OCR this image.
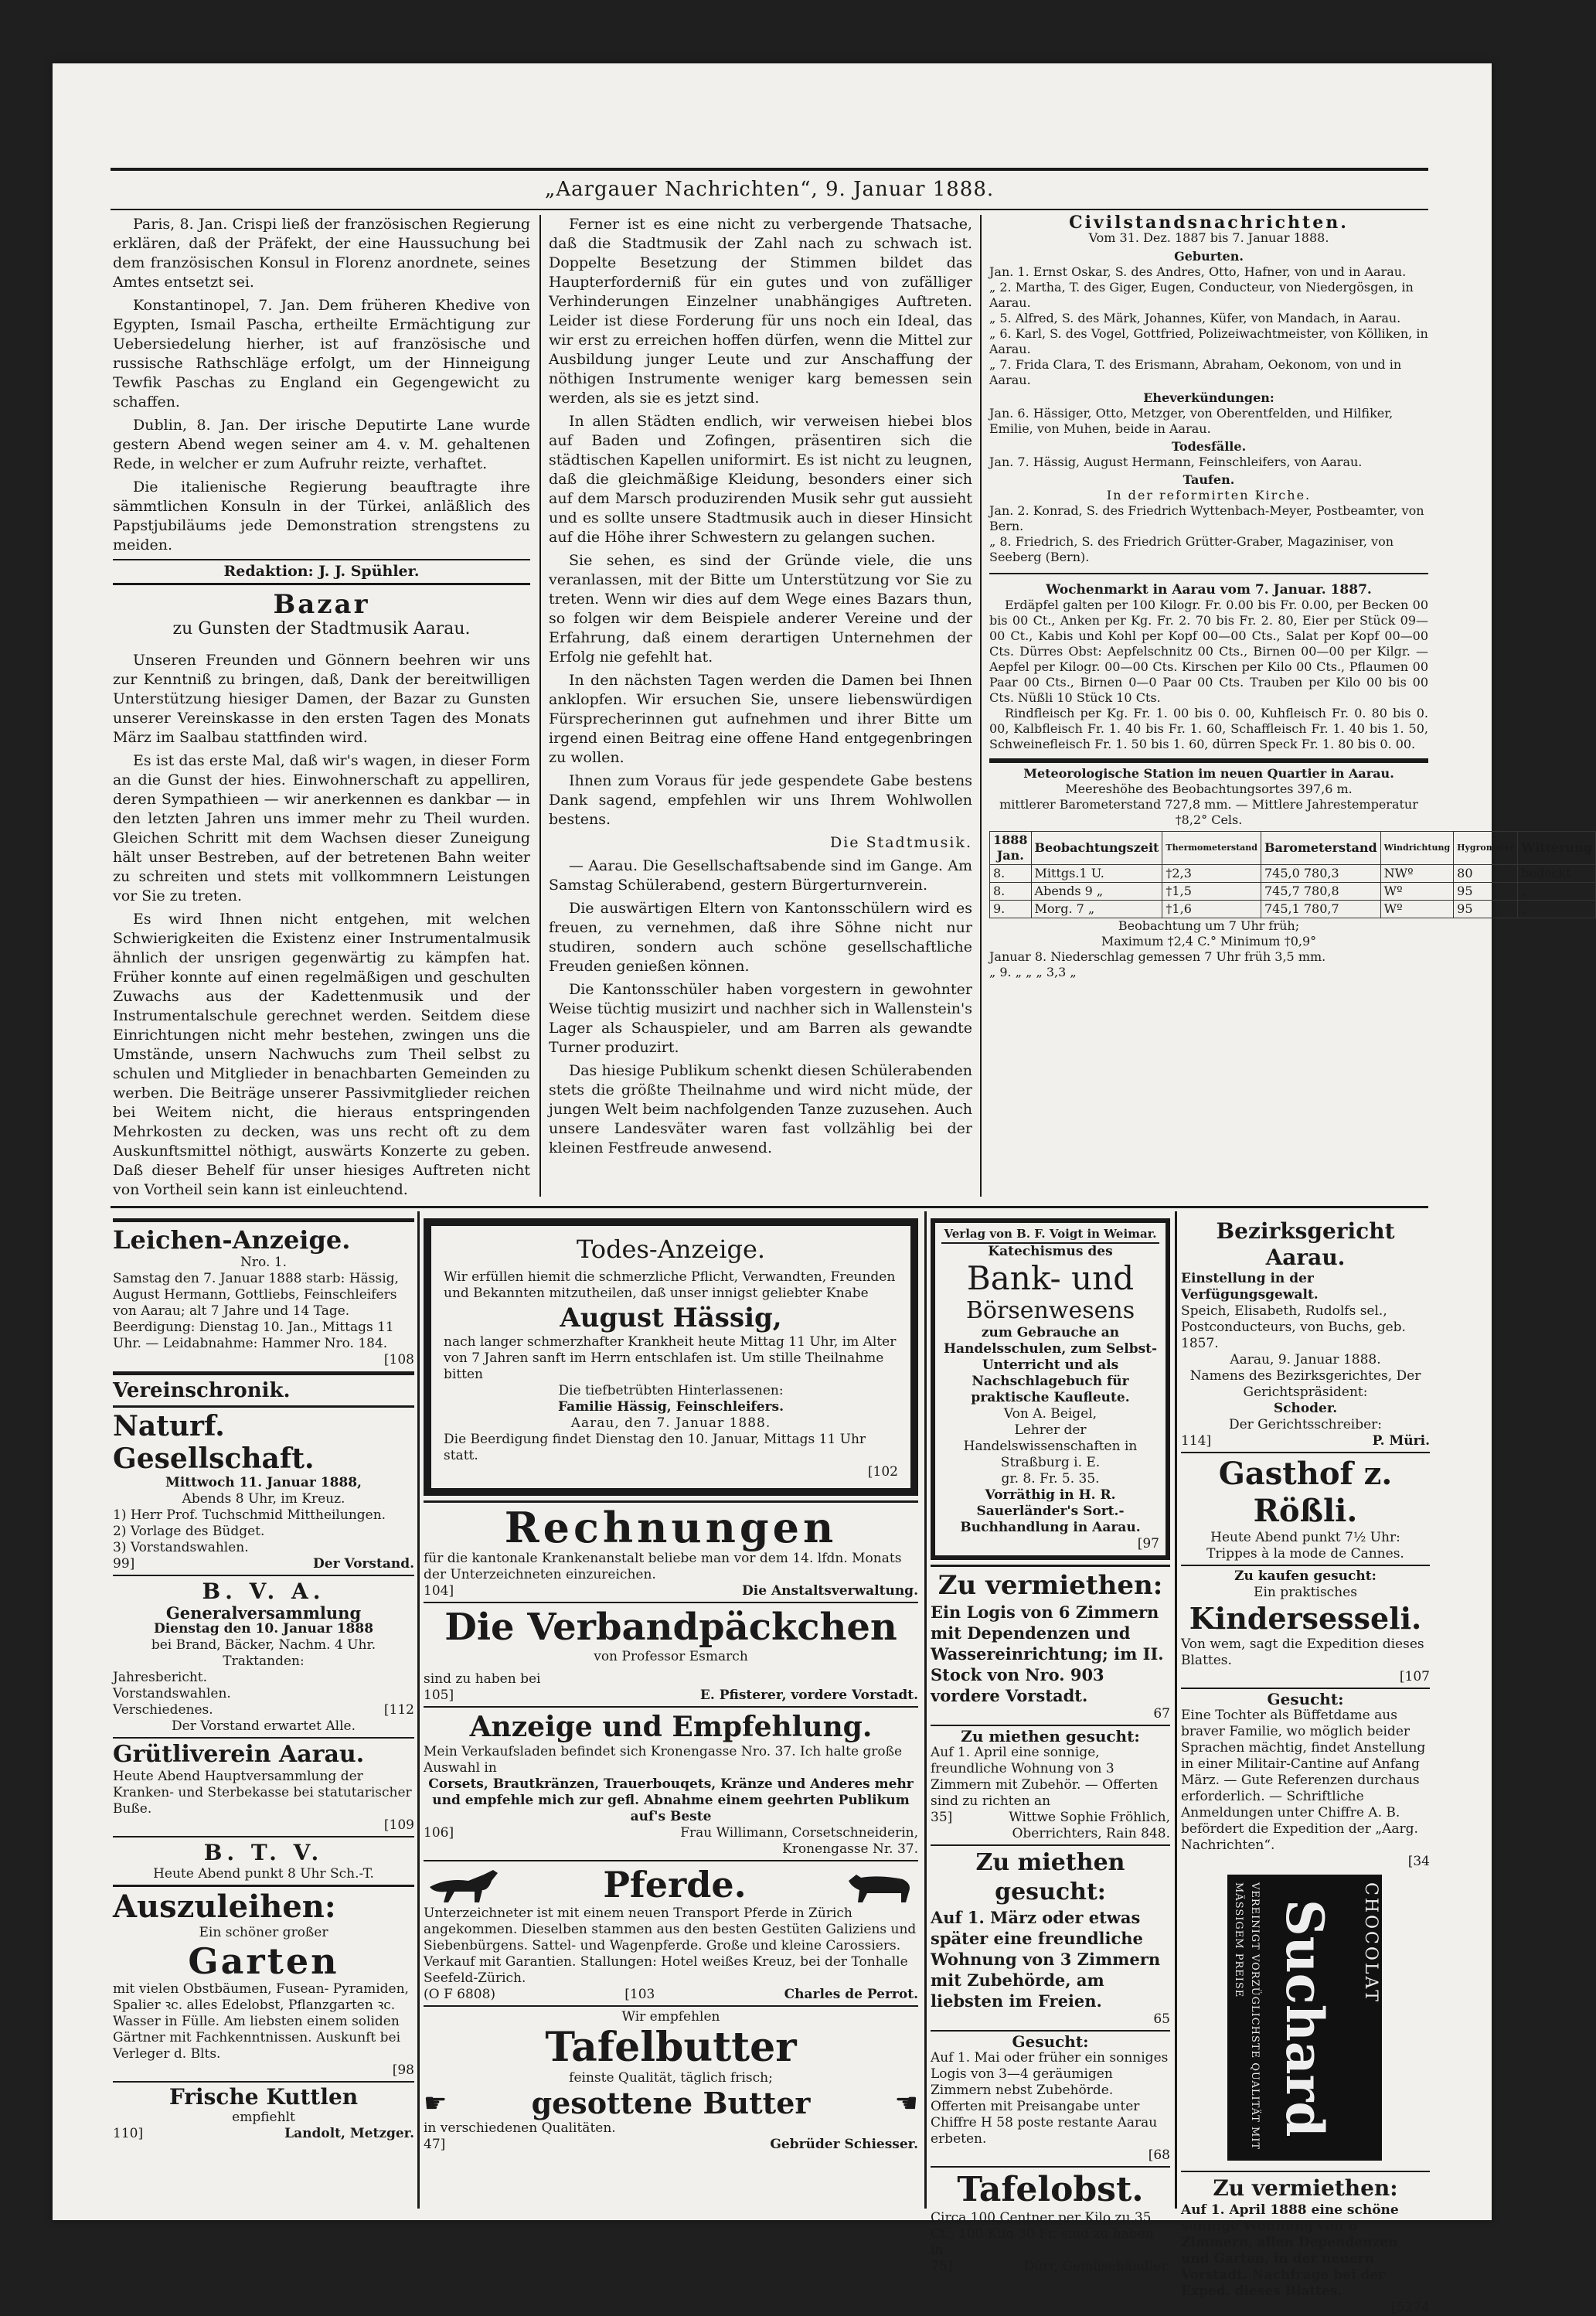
„Aargauer Nachrichten“, 9. Januar 1888.

Paris, 8. Jan. Crispi ließ der französischen Regierung erklären, daß der Präfekt, der eine Haussuchung bei dem französischen Konsul in Florenz anordnete, seines Amtes entsetzt sei.

Konstantinopel, 7. Jan. Dem früheren Khedive von Egypten, Ismail Pascha, ertheilte Ermächtigung zur Uebersiedelung hierher, ist auf französische und russische Rathschläge erfolgt, um der Hinneigung Tewfik Paschas zu England ein Gegengewicht zu schaffen.

Dublin, 8. Jan. Der irische Deputirte Lane wurde gestern Abend wegen seiner am 4. v. M. gehaltenen Rede, in welcher er zum Aufruhr reizte, verhaftet.

Die italienische Regierung beauftragte ihre sämmtlichen Konsuln in der Türkei, anläßlich des Papstjubiläums jede Demonstration strengstens zu meiden.

Redaktion: J. J. Spühler.
Bazar
zu Gunsten der Stadtmusik Aarau.

Unseren Freunden und Gönnern beehren wir uns zur Kenntniß zu bringen, daß, Dank der bereitwilligen Unterstützung hiesiger Damen, der Bazar zu Gunsten unserer Vereinskasse in den ersten Tagen des Monats März im Saalbau stattfinden wird.

Es ist das erste Mal, daß wir's wagen, in dieser Form an die Gunst der hies. Einwohnerschaft zu appelliren, deren Sympathieen — wir anerkennen es dankbar — in den letzten Jahren uns immer mehr zu Theil wurden. Gleichen Schritt mit dem Wachsen dieser Zuneigung hält unser Bestreben, auf der betretenen Bahn weiter zu schreiten und stets mit vollkommnern Leistungen vor Sie zu treten.

Es wird Ihnen nicht entgehen, mit welchen Schwierigkeiten die Existenz einer Instrumentalmusik ähnlich der unsrigen gegenwärtig zu kämpfen hat. Früher konnte auf einen regelmäßigen und geschulten Zuwachs aus der Kadettenmusik und der Instrumentalschule gerechnet werden. Seitdem diese Einrichtungen nicht mehr bestehen, zwingen uns die Umstände, unsern Nachwuchs zum Theil selbst zu schulen und Mitglieder in benachbarten Gemeinden zu werben. Die Beiträge unserer Passivmitglieder reichen bei Weitem nicht, die hieraus entspringenden Mehrkosten zu decken, was uns recht oft zu dem Auskunftsmittel nöthigt, auswärts Konzerte zu geben. Daß dieser Behelf für unser hiesiges Auftreten nicht von Vortheil sein kann ist einleuchtend.

Ferner ist es eine nicht zu verbergende Thatsache, daß die Stadtmusik der Zahl nach zu schwach ist. Doppelte Besetzung der Stimmen bildet das Haupterforderniß für ein gutes und von zufälliger Verhinderungen Einzelner unabhängiges Auftreten. Leider ist diese Forderung für uns noch ein Ideal, das wir erst zu erreichen hoffen dürfen, wenn die Mittel zur Ausbildung junger Leute und zur Anschaffung der nöthigen Instrumente weniger karg bemessen sein werden, als sie es jetzt sind.

In allen Städten endlich, wir verweisen hiebei blos auf Baden und Zofingen, präsentiren sich die städtischen Kapellen uniformirt. Es ist nicht zu leugnen, daß die gleichmäßige Kleidung, besonders einer sich auf dem Marsch produzirenden Musik sehr gut aussieht und es sollte unsere Stadtmusik auch in dieser Hinsicht auf die Höhe ihrer Schwestern zu gelangen suchen.

Sie sehen, es sind der Gründe viele, die uns veranlassen, mit der Bitte um Unterstützung vor Sie zu treten. Wenn wir dies auf dem Wege eines Bazars thun, so folgen wir dem Beispiele anderer Vereine und der Erfahrung, daß einem derartigen Unternehmen der Erfolg nie gefehlt hat.

In den nächsten Tagen werden die Damen bei Ihnen anklopfen. Wir ersuchen Sie, unsere liebenswürdigen Fürsprecherinnen gut aufnehmen und ihrer Bitte um irgend einen Beitrag eine offene Hand entgegenbringen zu wollen.

Ihnen zum Voraus für jede gespendete Gabe bestens Dank sagend, empfehlen wir uns Ihrem Wohlwollen bestens.

Die Stadtmusik.

— Aarau. Die Gesellschaftsabende sind im Gange. Am Samstag Schülerabend, gestern Bürgerturnverein.

Die auswärtigen Eltern von Kantonsschülern wird es freuen, zu vernehmen, daß ihre Söhne nicht nur studiren, sondern auch schöne gesellschaftliche Freuden genießen können.

Die Kantonsschüler haben vorgestern in gewohnter Weise tüchtig musizirt und nachher sich in Wallenstein's Lager als Schauspieler, und am Barren als gewandte Turner produzirt.

Das hiesige Publikum schenkt diesen Schülerabenden stets die größte Theilnahme und wird nicht müde, der jungen Welt beim nachfolgenden Tanze zuzusehen. Auch unsere Landesväter waren fast vollzählig bei der kleinen Festfreude anwesend.

Civilstandsnachrichten.
Vom 31. Dez. 1887 bis 7. Januar 1888.
Geburten.
Jan. 1. Ernst Oskar, S. des Andres, Otto, Hafner, von und in Aarau.
„ 2. Martha, T. des Giger, Eugen, Conducteur, von Niedergösgen, in Aarau.
„ 5. Alfred, S. des Märk, Johannes, Küfer, von Mandach, in Aarau.
„ 6. Karl, S. des Vogel, Gottfried, Polizeiwachtmeister, von Kölliken, in Aarau.
„ 7. Frida Clara, T. des Erismann, Abraham, Oekonom, von und in Aarau.
Eheverkündungen:
Jan. 6. Hässiger, Otto, Metzger, von Oberentfelden, und Hilfiker, Emilie, von Muhen, beide in Aarau.
Todesfälle.
Jan. 7. Hässig, August Hermann, Feinschleifers, von Aarau.
Taufen.
In der reformirten Kirche.
Jan. 2. Konrad, S. des Friedrich Wyttenbach-Meyer, Postbeamter, von Bern.
„ 8. Friedrich, S. des Friedrich Grütter-Graber, Magaziniser, von Seeberg (Bern).
Wochenmarkt in Aarau vom 7. Januar. 1887.
Erdäpfel galten per 100 Kilogr. Fr. 0.00 bis Fr. 0.00, per Becken 00 bis 00 Ct., Anken per Kg. Fr. 2. 70 bis Fr. 2. 80, Eier per Stück 09—00 Ct., Kabis und Kohl per Kopf 00—00 Cts., Salat per Kopf 00—00 Cts. Dürres Obst: Aepfelschnitz 00 Cts., Birnen 00—00 per Kilgr. — Aepfel per Kilogr. 00—00 Cts. Kirschen per Kilo 00 Cts., Pflaumen 00 Paar 00 Cts., Birnen 0—0 Paar 00 Cts. Trauben per Kilo 00 bis 00 Cts. Nüßli 10 Stück 10 Cts.
Rindfleisch per Kg. Fr. 1. 00 bis 0. 00, Kuhfleisch Fr. 0. 80 bis 0. 00, Kalbfleisch Fr. 1. 40 bis Fr. 1. 60, Schaffleisch Fr. 1. 40 bis 1. 50, Schweinefleisch Fr. 1. 50 bis 1. 60, dürren Speck Fr. 1. 80 bis 0. 00.
Meteorologische Station im neuen Quartier in Aarau.
Meereshöhe des Beobachtungsortes 397,6 m.
mittlerer Barometerstand 727,8 mm. — Mittlere Jahrestemperatur †8,2° Cels.
1888 Jan.	Beobachtungszeit	Thermometerstand	Barometerstand	Windrichtung	Hygrometer	Witterung
8.	Mittgs.1 U.	†2,3	745,0 780,3	NWº	80	bedeckt
8.	Abends 9 „	†1,5	745,7 780,8	Wº	95	„
9.	Morg. 7 „	†1,6	745,1 780,7	Wº	95	„
Beobachtung um 7 Uhr früh;
Maximum †2,4 C.° Minimum †0,9°
Januar 8. Niederschlag gemessen 7 Uhr früh 3,5 mm.
„ 9. „ „ „ 3,3 „
Leichen-Anzeige.
Nro. 1.
Samstag den 7. Januar 1888 starb: Hässig, August Hermann, Gottliebs, Feinschleifers von Aarau; alt 7 Jahre und 14 Tage. Beerdigung: Dienstag 10. Jan., Mittags 11 Uhr. — Leidabnahme: Hammer Nro. 184.
[108
Vereinschronik.
Naturf. Gesellschaft.
Mittwoch 11. Januar 1888,
Abends 8 Uhr, im Kreuz.
1) Herr Prof. Tuchschmid Mittheilungen.
2) Vorlage des Büdget.
3) Vorstandswahlen.
99]	Der Vorstand.
B. V. A.
Generalversammlung
Dienstag den 10. Januar 1888
bei Brand, Bäcker, Nachm. 4 Uhr.
Traktanden:
Jahresbericht.
Vorstandswahlen.
Verschiedenes.	[112
Der Vorstand erwartet Alle.
Grütliverein Aarau.
Heute Abend Hauptversammlung der Kranken- und Sterbekasse bei statutarischer Buße.
[109
B. T. V.
Heute Abend punkt 8 Uhr Sch.-T.
Auszuleihen:
Ein schöner großer
Garten
mit vielen Obstbäumen, Fusean- Pyramiden, Spalier ꝛc. alles Edelobst, Pflanzgarten ꝛc. Wasser in Fülle. Am liebsten einem soliden Gärtner mit Fachkenntnissen. Auskunft bei Verleger d. Blts.
[98
Frische Kuttlen
empfiehlt
110]	Landolt, Metzger.
Todes-Anzeige.
Wir erfüllen hiemit die schmerzliche Pflicht, Verwandten, Freunden und Bekannten mitzutheilen, daß unser innigst geliebter Knabe
August Hässig,
nach langer schmerzhafter Krankheit heute Mittag 11 Uhr, im Alter von 7 Jahren sanft im Herrn entschlafen ist. Um stille Theilnahme bitten
Die tiefbetrübten Hinterlassenen:
Familie Hässig, Feinschleifers.
Aarau, den 7. Januar 1888.
Die Beerdigung findet Dienstag den 10. Januar, Mittags 11 Uhr statt.
[102
Rechnungen
für die kantonale Krankenanstalt beliebe man vor dem 14. lfdn. Monats der Unterzeichneten einzureichen.
104]	Die Anstaltsverwaltung.
Die Verbandpäckchen
von Professor Esmarch
sind zu haben bei
105]	E. Pfisterer, vordere Vorstadt.
Anzeige und Empfehlung.
Mein Verkaufsladen befindet sich Kronengasse Nro. 37. Ich halte große Auswahl in
Corsets, Brautkränzen, Trauerbouqets, Kränze und Anderes mehr und empfehle mich zur gefl. Abnahme einem geehrten Publikum auf's Beste
106]	Frau Willimann, Corsetschneiderin,
Kronengasse Nr. 37.
Pferde.
Unterzeichneter ist mit einem neuen Transport Pferde in Zürich angekommen. Dieselben stammen aus den besten Gestüten Galiziens und Siebenbürgens. Sattel- und Wagenpferde. Große und kleine Carossiers. Verkauf mit Garantien. Stallungen: Hotel weißes Kreuz, bei der Tonhalle Seefeld-Zürich.
(O F 6808)	[103	Charles de Perrot.
Wir empfehlen
Tafelbutter
feinste Qualität, täglich frisch;
☛	gesottene Butter	☚
in verschiedenen Qualitäten.
47]	Gebrüder Schiesser.
Verlag von B. F. Voigt in Weimar.
Katechismus des
Bank- und
Börsenwesens
zum Gebrauche an Handelsschulen, zum Selbst-Unterricht und als Nachschlagebuch für praktische Kaufleute.
Von A. Beigel,
Lehrer der Handelswissenschaften in Straßburg i. E.
gr. 8. Fr. 5. 35.
Vorräthig in H. R. Sauerländer's Sort.-Buchhandlung in Aarau.
[97
Zu vermiethen:
Ein Logis von 6 Zimmern mit Dependenzen und Wassereinrichtung; im II. Stock von Nro. 903 vordere Vorstadt.
67
Zu miethen gesucht:
Auf 1. April eine sonnige, freundliche Wohnung von 3 Zimmern mit Zubehör. — Offerten sind zu richten an
35]	Wittwe Sophie Fröhlich, Oberrichters, Rain 848.
Zu miethen gesucht:
Auf 1. März oder etwas später eine freundliche Wohnung von 3 Zimmern mit Zubehörde, am liebsten im Freien.
65
Gesucht:
Auf 1. Mai oder früher ein sonniges Logis von 3—4 geräumigen Zimmern nebst Zubehörde. Offerten mit Preisangabe unter Chiffre H 58 poste restante Aarau erbeten.
[68
Tafelobst.
Circa 100 Centner per Kilo zu 35 Ct., 100 Kilo 30 Fr. sind zu haben in
75]	Dürr, Gemüsehändler.
Bezirksgericht Aarau.
Einstellung in der Verfügungsgewalt.
Speich, Elisabeth, Rudolfs sel., Postconducteurs, von Buchs, geb. 1857.
Aarau, 9. Januar 1888.
Namens des Bezirksgerichtes, Der Gerichtspräsident:
Schoder.
Der Gerichtsschreiber:
114]	P. Müri.
Gasthof z. Rößli.
Heute Abend punkt 7½ Uhr:
Trippes à la mode de Cannes.
Zu kaufen gesucht:
Ein praktisches
Kindersesseli.
Von wem, sagt die Expedition dieses Blattes.
[107
Gesucht:
Eine Tochter als Büffetdame aus braver Familie, wo möglich beider Sprachen mächtig, findet Anstellung in einer Militair-Cantine auf Anfang März. — Gute Referenzen durchaus erforderlich. — Schriftliche Anmeldungen unter Chiffre A. B. befördert die Expedition der „Aarg. Nachrichten“.
[34
VEREINIGT VORZÜGLICHSTE QUALITÄT MIT MÄSSIGEM PREISE Suchard	CHOCOLAT
Zu vermiethen:
Auf 1. April 1888 eine schöne sonnige Wohnung von 6 Zimmern, allen Dependenzen und Garten, in der neuern Vorstadt. Nachfrage bei der Exped. dieses Blattes.
[5274
